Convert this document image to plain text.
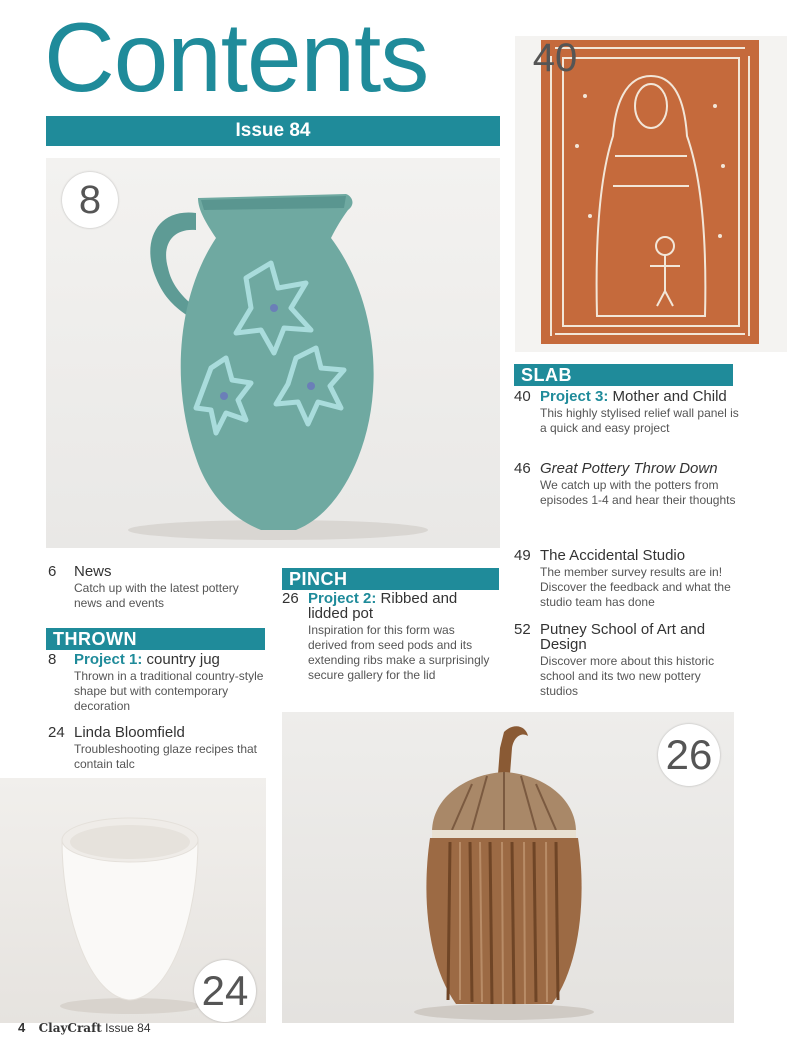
Contents
Issue 84
8
40
SLAB
40 Project 3: Mother and Child
This highly stylised relief wall panel is a quick and easy project
46 Great Pottery Throw Down
We catch up with the potters from episodes 1-4 and hear their thoughts
49 The Accidental Studio
The member survey results are in! Discover the feedback and what the studio team has done
52 Putney School of Art and Design
Discover more about this historic school and its two new pottery studios
6 News
Catch up with the latest pottery news and events
THROWN
8 Project 1: country jug
Thrown in a traditional country-style shape but with contemporary decoration
24 Linda Bloomfield
Troubleshooting glaze recipes that contain talc
PINCH
26 Project 2: Ribbed and lidded pot
Inspiration for this form was derived from seed pods and its extending ribs make a surprisingly secure gallery for the lid
24
26
4 ClayCraft Issue 84
